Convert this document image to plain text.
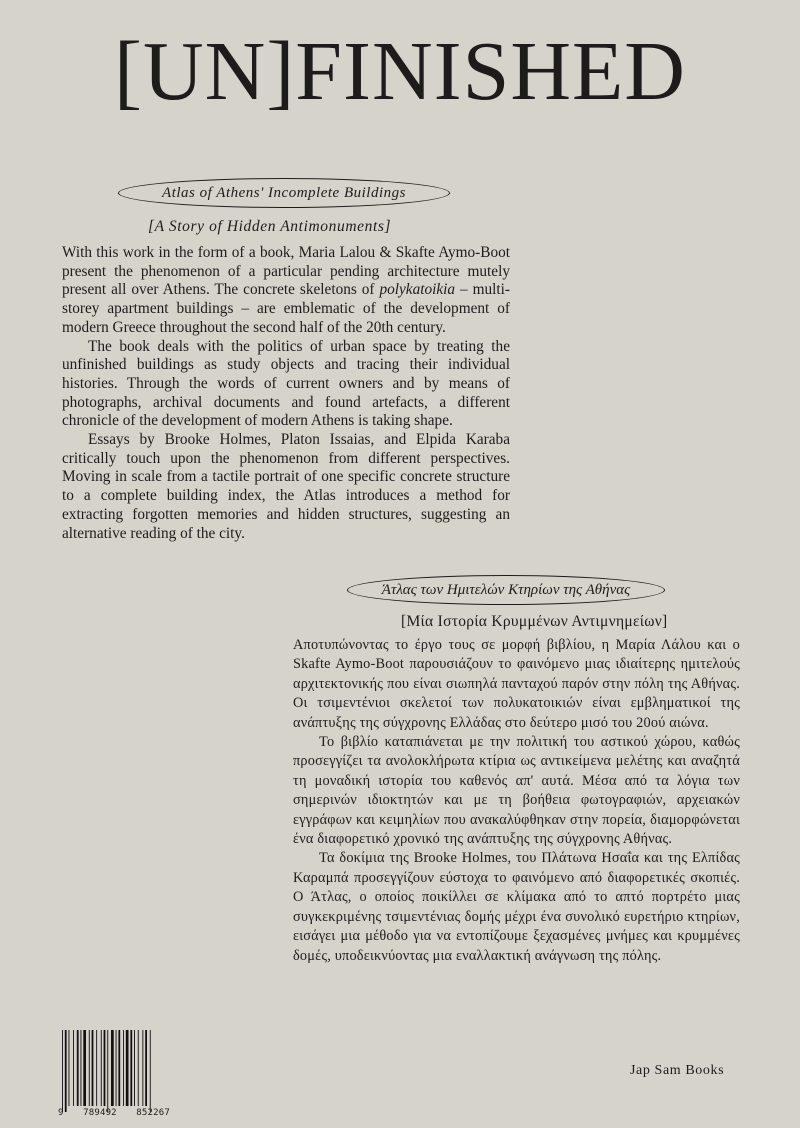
[UN]FINISHED
Atlas of Athens' Incomplete Buildings
[A Story of Hidden Antimonuments]

With this work in the form of a book, Maria Lalou & Skafte Aymo-Boot present the phenomenon of a particular pending architecture mutely present all over Athens. The concrete skeletons of polykatoikia – multi-storey apartment buildings – are emblematic of the development of modern Greece throughout the second half of the 20th century.

The book deals with the politics of urban space by treating the unfinished buildings as study objects and tracing their individual histories. Through the words of current owners and by means of photographs, archival documents and found artefacts, a different chronicle of the development of modern Athens is taking shape.

Essays by Brooke Holmes, Platon Issaias, and Elpida Karaba critically touch upon the phenomenon from different perspectives. Moving in scale from a tactile portrait of one specific concrete structure to a complete building index, the Atlas introduces a method for extracting forgotten memories and hidden structures, suggesting an alternative reading of the city.

Άτλας των Ημιτελών Κτηρίων της Αθήνας
[Μία Ιστορία Κρυμμένων Αντιμνημείων]

Αποτυπώνοντας το έργο τους σε μορφή βιβλίου, η Μαρία Λάλου και ο Skafte Aymo-Boot παρουσιάζουν το φαινόμενο μιας ιδιαίτερης ημιτελούς αρχιτεκτονικής που είναι σιωπηλά πανταχού παρόν στην πόλη της Αθήνας. Οι τσιμεντένιοι σκελετοί των πολυκατοικιών είναι εμβληματικοί της ανάπτυξης της σύγχρονης Ελλάδας στο δεύτερο μισό του 20ού αιώνα.

Το βιβλίο καταπιάνεται με την πολιτική του αστικού χώρου, καθώς προσεγγίζει τα ανολοκλήρωτα κτίρια ως αντικείμενα μελέτης και αναζητά τη μοναδική ιστορία του καθενός απ' αυτά. Μέσα από τα λόγια των σημερινών ιδιοκτητών και με τη βοήθεια φωτογραφιών, αρχειακών εγγράφων και κειμηλίων που ανακαλύφθηκαν στην πορεία, διαμορφώνεται ένα διαφορετικό χρονικό της ανάπτυξης της σύγχρονης Αθήνας.

Τα δοκίμια της Brooke Holmes, του Πλάτωνα Ησαΐα και της Ελπίδας Καραμπά προσεγγίζουν εύστοχα το φαινόμενο από διαφορετικές σκοπιές. Ο Άτλας, ο οποίος ποικίλλει σε κλίμακα από το απτό πορτρέτο μιας συγκεκριμένης τσιμεντένιας δομής μέχρι ένα συνολικό ευρετήριο κτηρίων, εισάγει μια μέθοδο για να εντοπίζουμε ξεχασμένες μνήμες και κρυμμένες δομές, υποδεικνύοντας μια εναλλακτική ανάγνωση της πόλης.

9 789492 852267
Jap Sam Books
